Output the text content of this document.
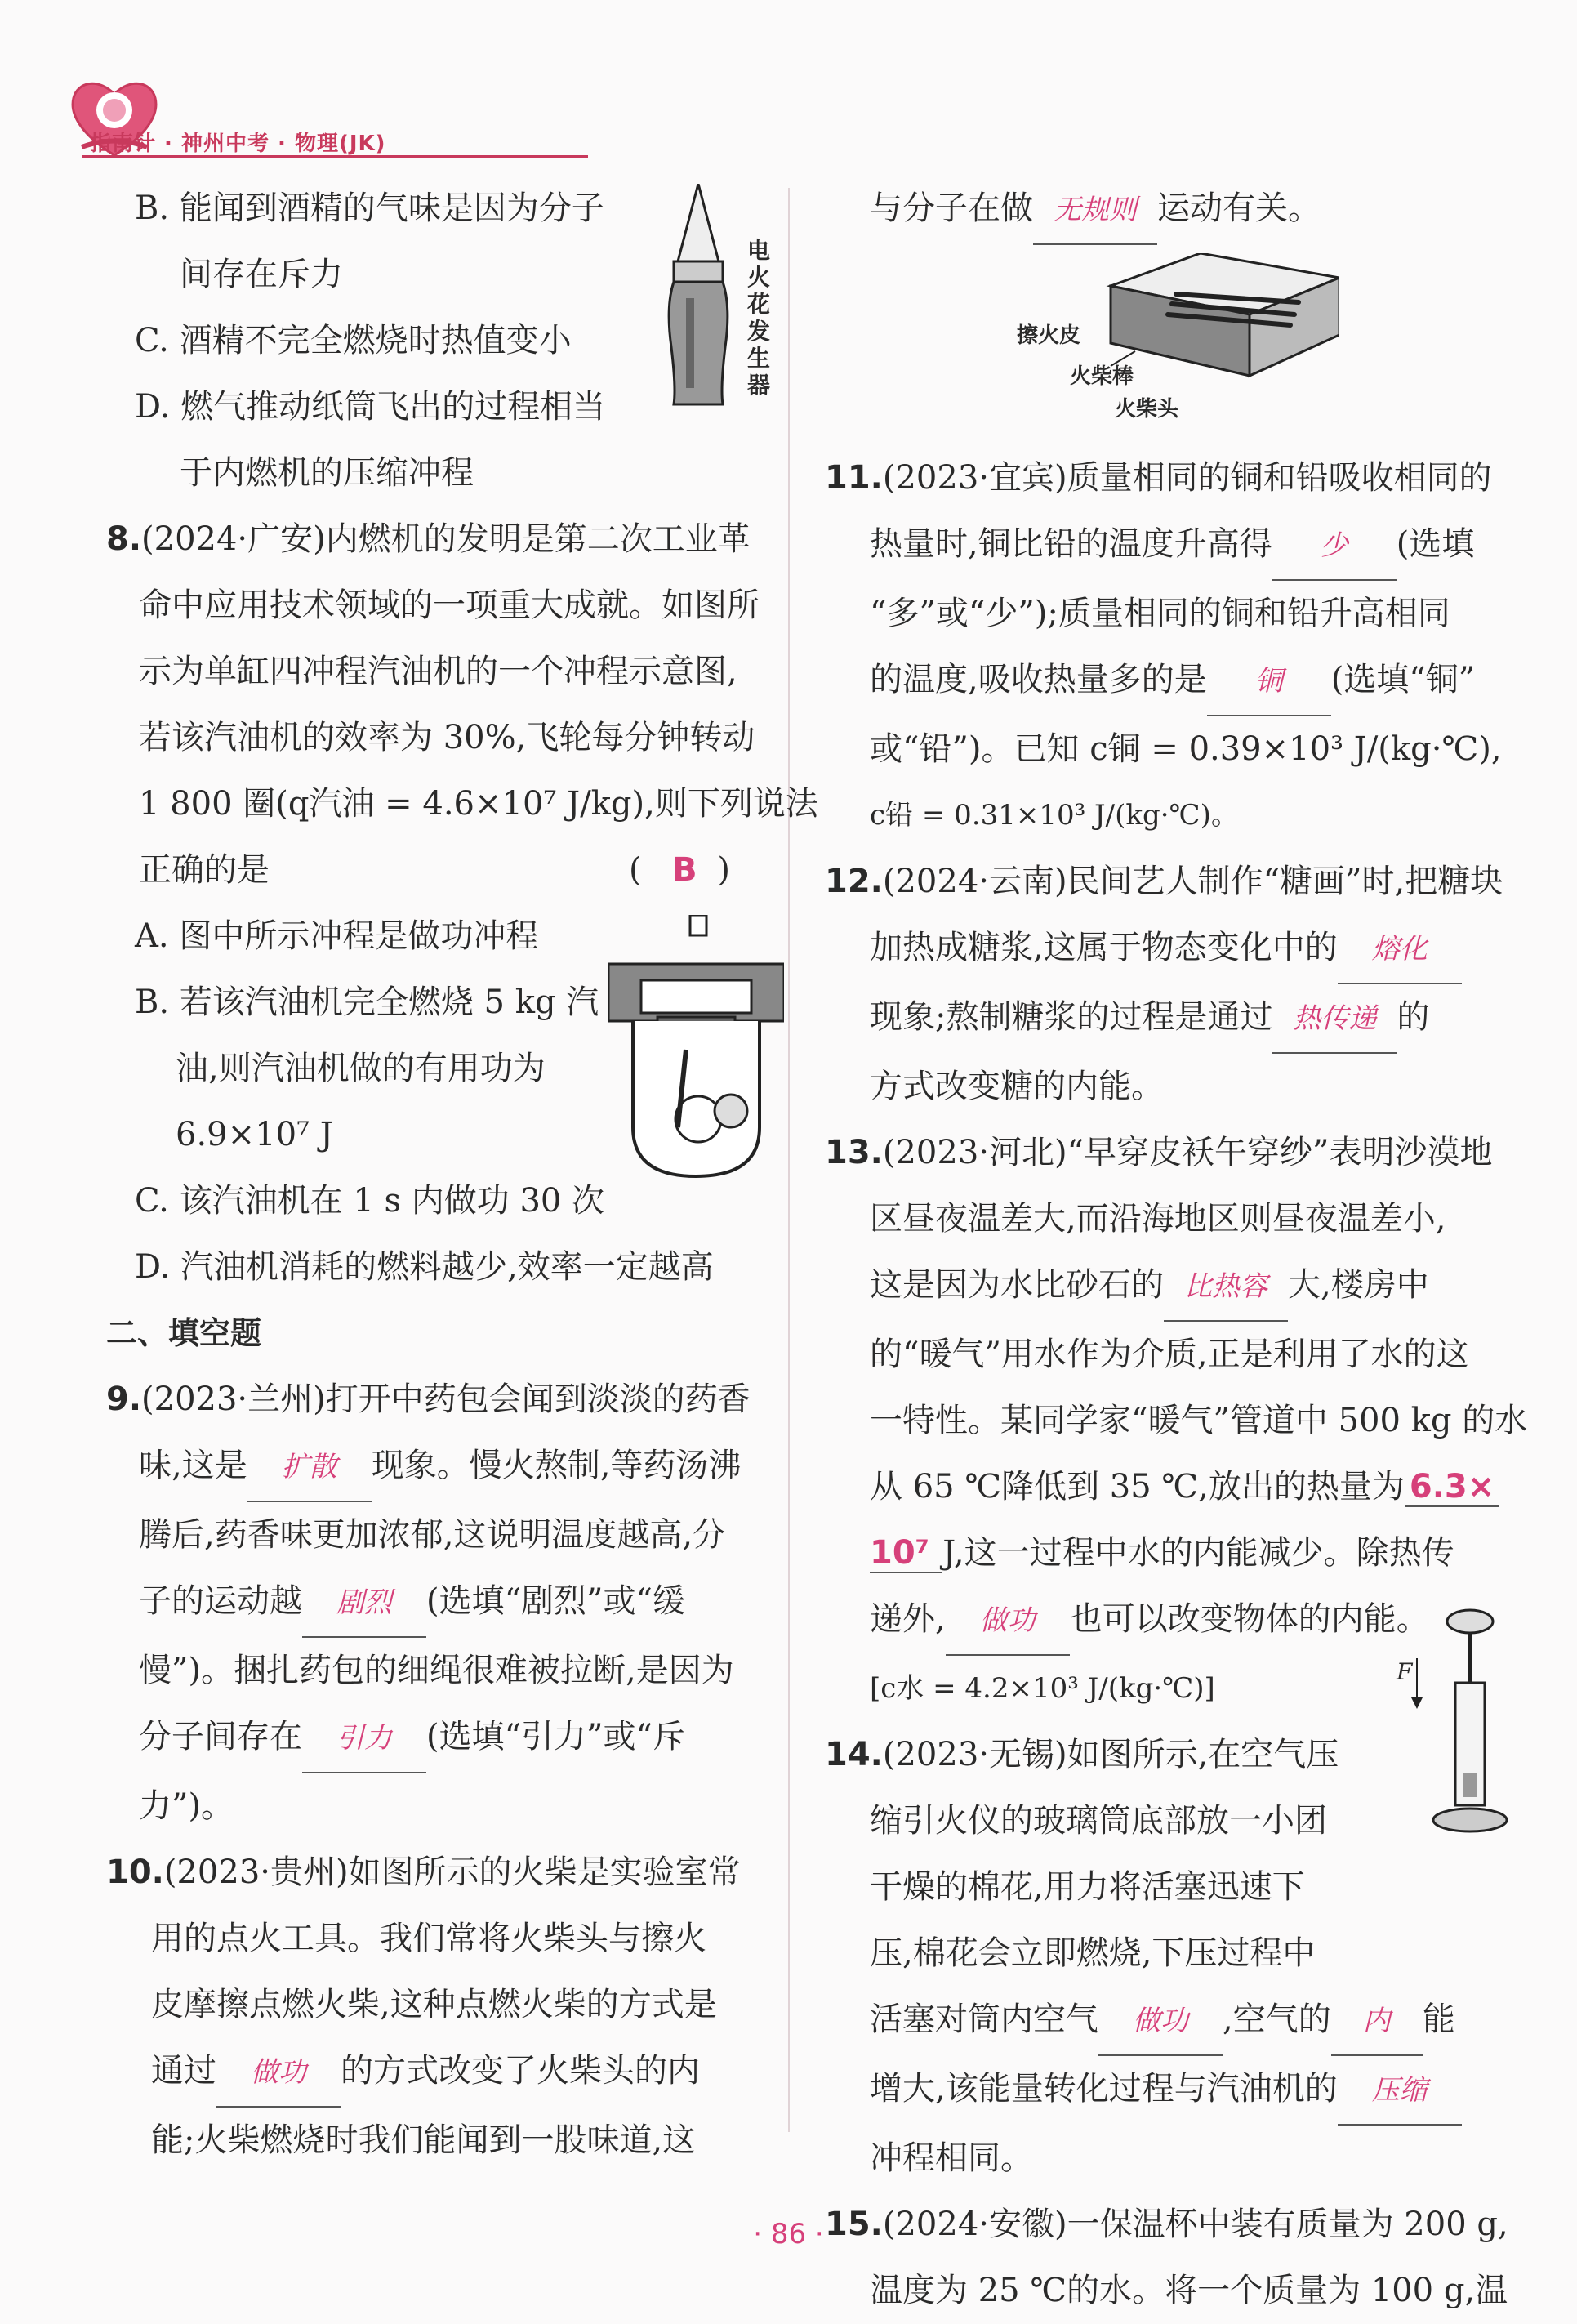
指南针 · 神州中考 · 物理(JK)
B. 能闻到酒精的气味是因为分子
间存在斥力
C. 酒精不完全燃烧时热值变小
D. 燃气推动纸筒飞出的过程相当
于内燃机的压缩冲程
8.(2024·广安)内燃机的发明是第二次工业革
命中应用技术领域的一项重大成就。如图所
示为单缸四冲程汽油机的一个冲程示意图,
若该汽油机的效率为 30%,飞轮每分钟转动
1 800 圈(q汽油 = 4.6×10⁷ J/kg),则下列说法
正确的是	( B )
A. 图中所示冲程是做功冲程
B. 若该汽油机完全燃烧 5 kg 汽
油,则汽油机做的有用功为
6.9×10⁷ J
C. 该汽油机在 1 s 内做功 30 次
D. 汽油机消耗的燃料越少,效率一定越高
二、填空题
9.(2023·兰州)打开中药包会闻到淡淡的药香
味,这是 扩散 现象。慢火熬制,等药汤沸
腾后,药香味更加浓郁,这说明温度越高,分
子的运动越 剧烈 (选填“剧烈”或“缓
慢”)。捆扎药包的细绳很难被拉断,是因为
分子间存在 引力 (选填“引力”或“斥
力”)。
10.(2023·贵州)如图所示的火柴是实验室常
用的点火工具。我们常将火柴头与擦火
皮摩擦点燃火柴,这种点燃火柴的方式是
通过 做功 的方式改变了火柴头的内
能;火柴燃烧时我们能闻到一股味道,这
电火花发生器
与分子在做 无规则 运动有关。
11.(2023·宜宾)质量相同的铜和铅吸收相同的
热量时,铜比铅的温度升高得 少 (选填
“多”或“少”);质量相同的铜和铅升高相同
的温度,吸收热量多的是 铜 (选填“铜”
或“铅”)。已知 c铜 = 0.39×10³ J/(kg·℃),
c铅 = 0.31×10³ J/(kg·℃)。
12.(2024·云南)民间艺人制作“糖画”时,把糖块
加热成糖浆,这属于物态变化中的 熔化
现象;熬制糖浆的过程是通过 热传递 的
方式改变糖的内能。
13.(2023·河北)“早穿皮袄午穿纱”表明沙漠地
区昼夜温差大,而沿海地区则昼夜温差小,
这是因为水比砂石的 比热容 大,楼房中
的“暖气”用水作为介质,正是利用了水的这
一特性。某同学家“暖气”管道中 500 kg 的水
从 65 ℃降低到 35 ℃,放出的热量为 6.3×
10⁷ J,这一过程中水的内能减少。除热传
递外, 做功 也可以改变物体的内能。
[c水 = 4.2×10³ J/(kg·℃)]
14.(2023·无锡)如图所示,在空气压
缩引火仪的玻璃筒底部放一小团
干燥的棉花,用力将活塞迅速下
压,棉花会立即燃烧,下压过程中
活塞对筒内空气 做功 ,空气的 内 能
增大,该能量转化过程与汽油机的 压缩
冲程相同。
15.(2024·安徽)一保温杯中装有质量为 200 g,
温度为 25 ℃的水。将一个质量为 100 g,温
擦火皮
火柴棒
火柴头
F
· 86 ·
